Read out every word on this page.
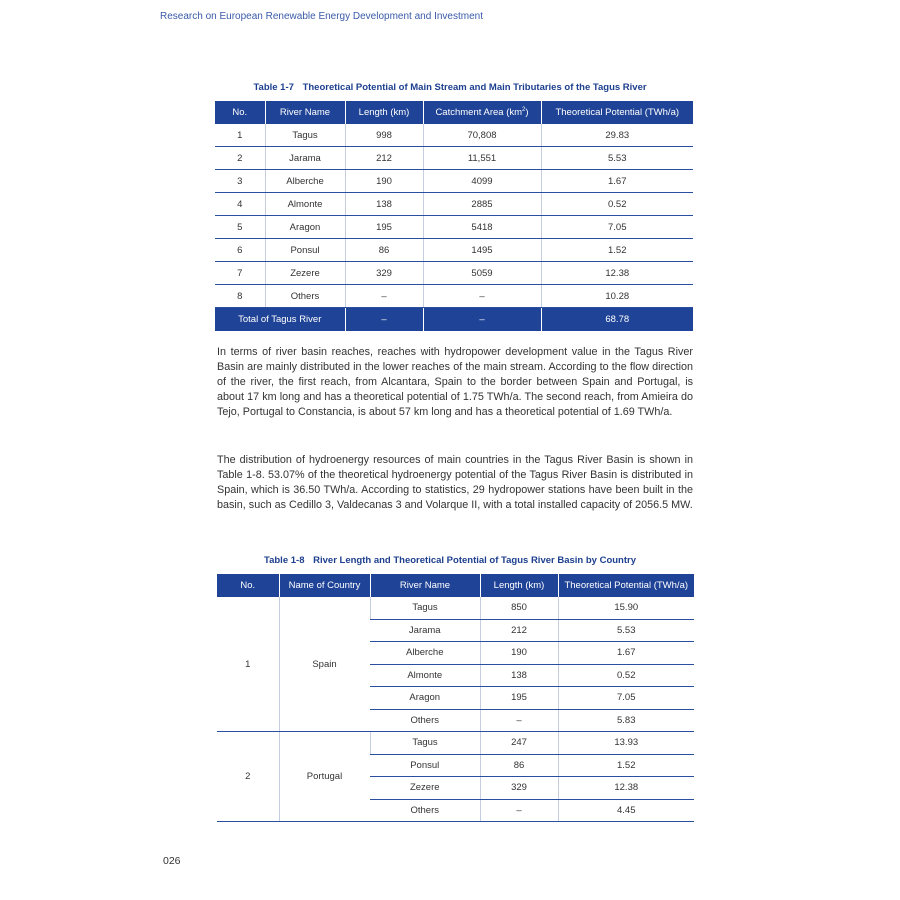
Research on European Renewable Energy Development and Investment
Table 1-7 Theoretical Potential of Main Stream and Main Tributaries of the Tagus River
No.	River Name	Length (km)	Catchment Area $(km^2)$	Theoretical Potential (TWh/a)
1	Tagus	998	70,808	29.83
2	Jarama	212	11,551	5.53
3	Alberche	190	4099	1.67
4	Almonte	138	2885	0.52
5	Aragon	195	5418	7.05
6	Ponsul	86	1495	1.52
7	Zezere	329	5059	12.38
8	Others	–	–	10.28
Total of Tagus River		–	–	68.78

In terms of river basin reaches, reaches with hydropower development value in the Tagus River Basin are mainly distributed in the lower reaches of the main stream. According to the flow direction of the river, the first reach, from Alcantara, Spain to the border between Spain and Portugal, is about 17 km long and has a theoretical potential of 1.75 TWh/a. The second reach, from Amieira do Tejo, Portugal to Constancia, is about 57 km long and has a theoretical potential of 1.69 TWh/a.

The distribution of hydroenergy resources of main countries in the Tagus River Basin is shown in Table 1-8. 53.07% of the theoretical hydroenergy potential of the Tagus River Basin is distributed in Spain, which is 36.50 TWh/a. According to statistics, 29 hydropower stations have been built in the basin, such as Cedillo 3, Valdecanas 3 and Volarque II, with a total installed capacity of 2056.5 MW.

Table 1-8 River Length and Theoretical Potential of Tagus River Basin by Country
No.	Name of Country	River Name	Length (km)	Theoretical Potential (TWh/a)
1	Spain	Tagus	850	15.90
		Jarama	212	5.53
		Alberche	190	1.67
		Almonte	138	0.52
		Aragon	195	7.05
		Others	–	5.83
2	Portugal	Tagus	247	13.93
		Ponsul	86	1.52
		Zezere	329	12.38
		Others	–	4.45
026
